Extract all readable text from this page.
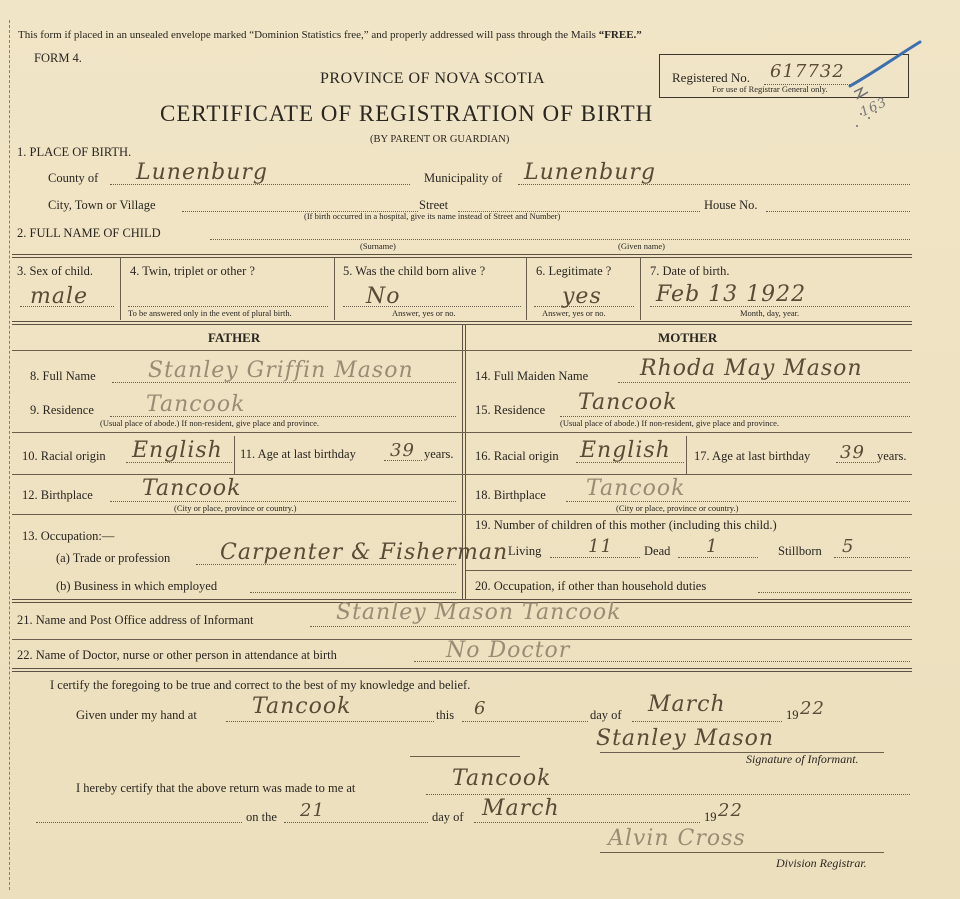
This form if placed in an unsealed envelope marked “Dominion Statistics free,” and properly addressed will pass through the Mails “FREE.”
FORM 4.
Registered No. 617732
For use of Registrar General only.
163
PROVINCE OF NOVA SCOTIA
CERTIFICATE OF REGISTRATION OF BIRTH
(BY PARENT OR GUARDIAN)
1. PLACE OF BIRTH.
County of Lunenburg	Municipality of Lunenburg
City, Town or Village	Street
(If birth occurred in a hospital, give its name instead of Street and Number)
House No.
2. FULL NAME OF CHILD
(Surname)	(Given name)
3. Sex of child.
male
4. Twin, triplet or other ?
To be answered only in the event of plural birth.
5. Was the child born alive ?
No
Answer, yes or no.
6. Legitimate ?
yes
Answer, yes or no.
7. Date of birth.
Feb 13 1922
Month, day, year.
FATHER	MOTHER
8. Full Name Stanley Griffin Mason	14. Full Maiden Name Rhoda May Mason
9. Residence Tancook
(Usual place of abode.) If non-resident, give place and province.
15. Residence Tancook
(Usual place of abode.) If non-resident, give place and province.
10. Racial origin English 11. Age at last birthday 39 years. 16. Racial origin English 17. Age at last birthday 39 years.
12. Birthplace Tancook
(City or place, province or country.)
18. Birthplace Tancook
(City or place, province or country.)
13. Occupation:—
(a) Trade or profession Carpenter & Fisherman
(b) Business in which employed
19. Number of children of this mother (including this child.)
Living	11 Dead 1	Stillborn 5
20. Occupation, if other than household duties
21. Name and Post Office address of Informant	Stanley Mason Tancook
22. Name of Doctor, nurse or other person in attendance at birth	No Doctor
I certify the foregoing to be true and correct to the best of my knowledge and belief.
Given under my hand at	Tancook	this 6	day of March	19 22
Stanley Mason
Signature of Informant.
I hereby certify that the above return was made to me at	Tancook
on the 21	day of March	19 22
Alvin Cross
Division Registrar.
